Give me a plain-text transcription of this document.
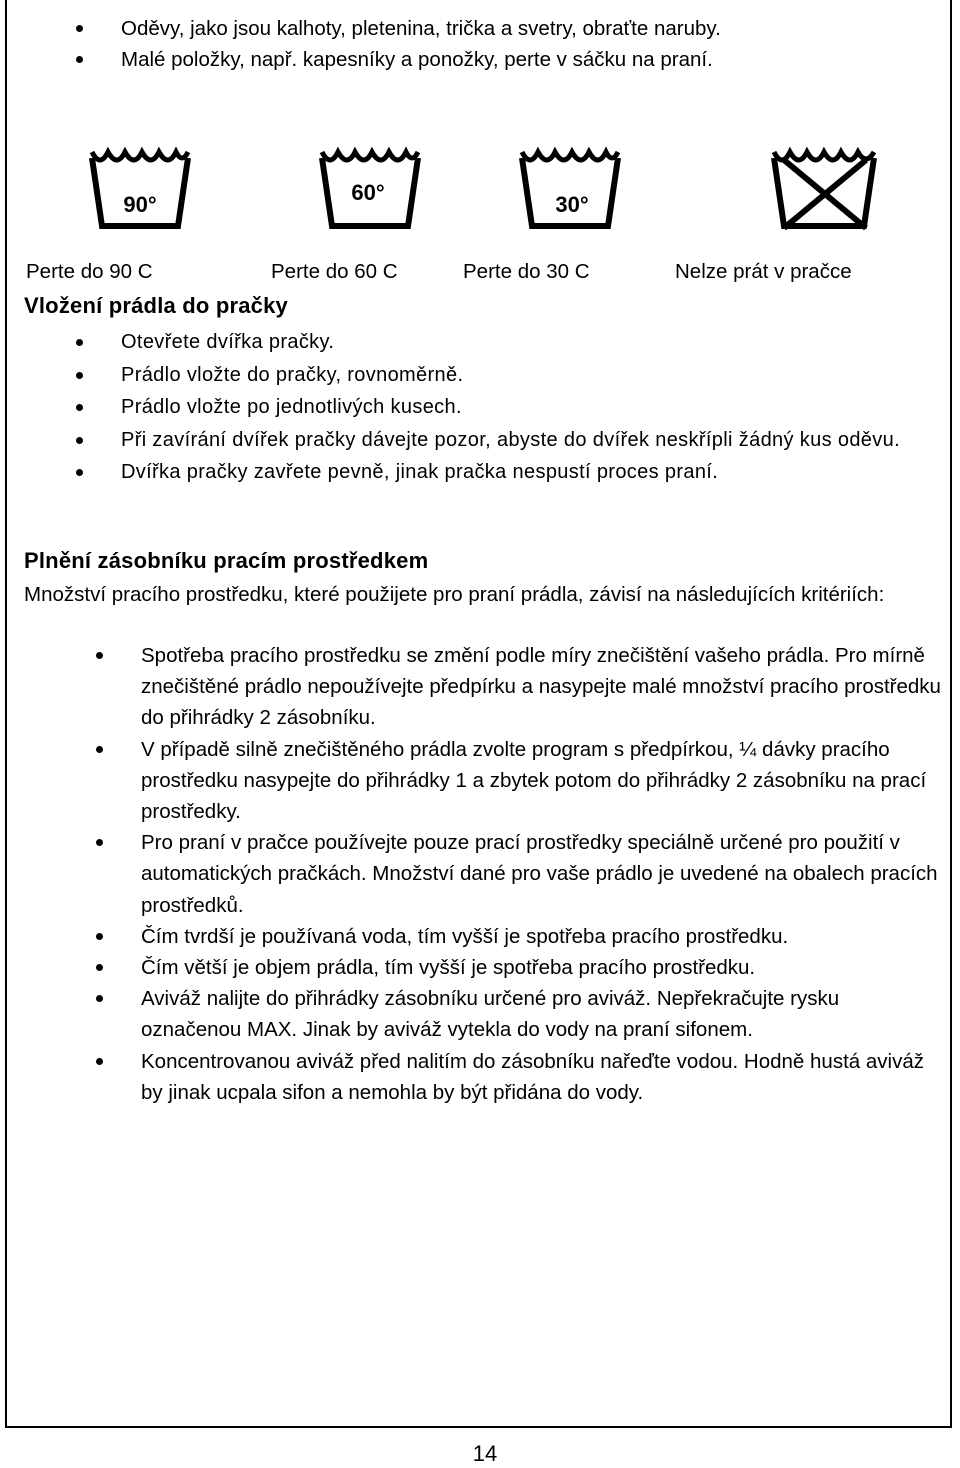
Oděvy, jako jsou kalhoty, pletenina, trička a svetry, obraťte naruby.
Malé položky, např. kapesníky a ponožky, perte v sáčku na praní.
90°	60°	30°
Perte do 90 C	Perte do 60 C	Perte do 30 C	Nelze prát v pračce
Vložení prádla do pračky
Otevřete dvířka pračky.
Prádlo vložte do pračky, rovnoměrně.
Prádlo vložte po jednotlivých kusech.
Při zavírání dvířek pračky dávejte pozor, abyste do dvířek neskřípli žádný kus oděvu.
Dvířka pračky zavřete pevně, jinak pračka nespustí proces praní.
Plnění zásobníku pracím prostředkem
Množství pracího prostředku, které použijete pro praní prádla, závisí na následujících kritériích:
Spotřeba pracího prostředku se změní podle míry znečištění vašeho prádla. Pro mírně znečištěné prádlo nepoužívejte předpírku a nasypejte malé množství pracího prostředku do přihrádky 2 zásobníku.
V případě silně znečištěného prádla zvolte program s předpírkou, ¼ dávky pracího prostředku nasypejte do přihrádky 1 a zbytek potom do přihrádky 2 zásobníku na prací prostředky.
Pro praní v pračce používejte pouze prací prostředky speciálně určené pro použití v automatických pračkách. Množství dané pro vaše prádlo je uvedené na obalech pracích prostředků.
Čím tvrdší je používaná voda, tím vyšší je spotřeba pracího prostředku.
Čím větší je objem prádla, tím vyšší je spotřeba pracího prostředku.
Aviváž nalijte do přihrádky zásobníku určené pro aviváž. Nepřekračujte rysku označenou MAX. Jinak by aviváž vytekla do vody na praní sifonem.
Koncentrovanou aviváž před nalitím do zásobníku nařeďte vodou. Hodně hustá aviváž by jinak ucpala sifon a nemohla by být přidána do vody.
14
